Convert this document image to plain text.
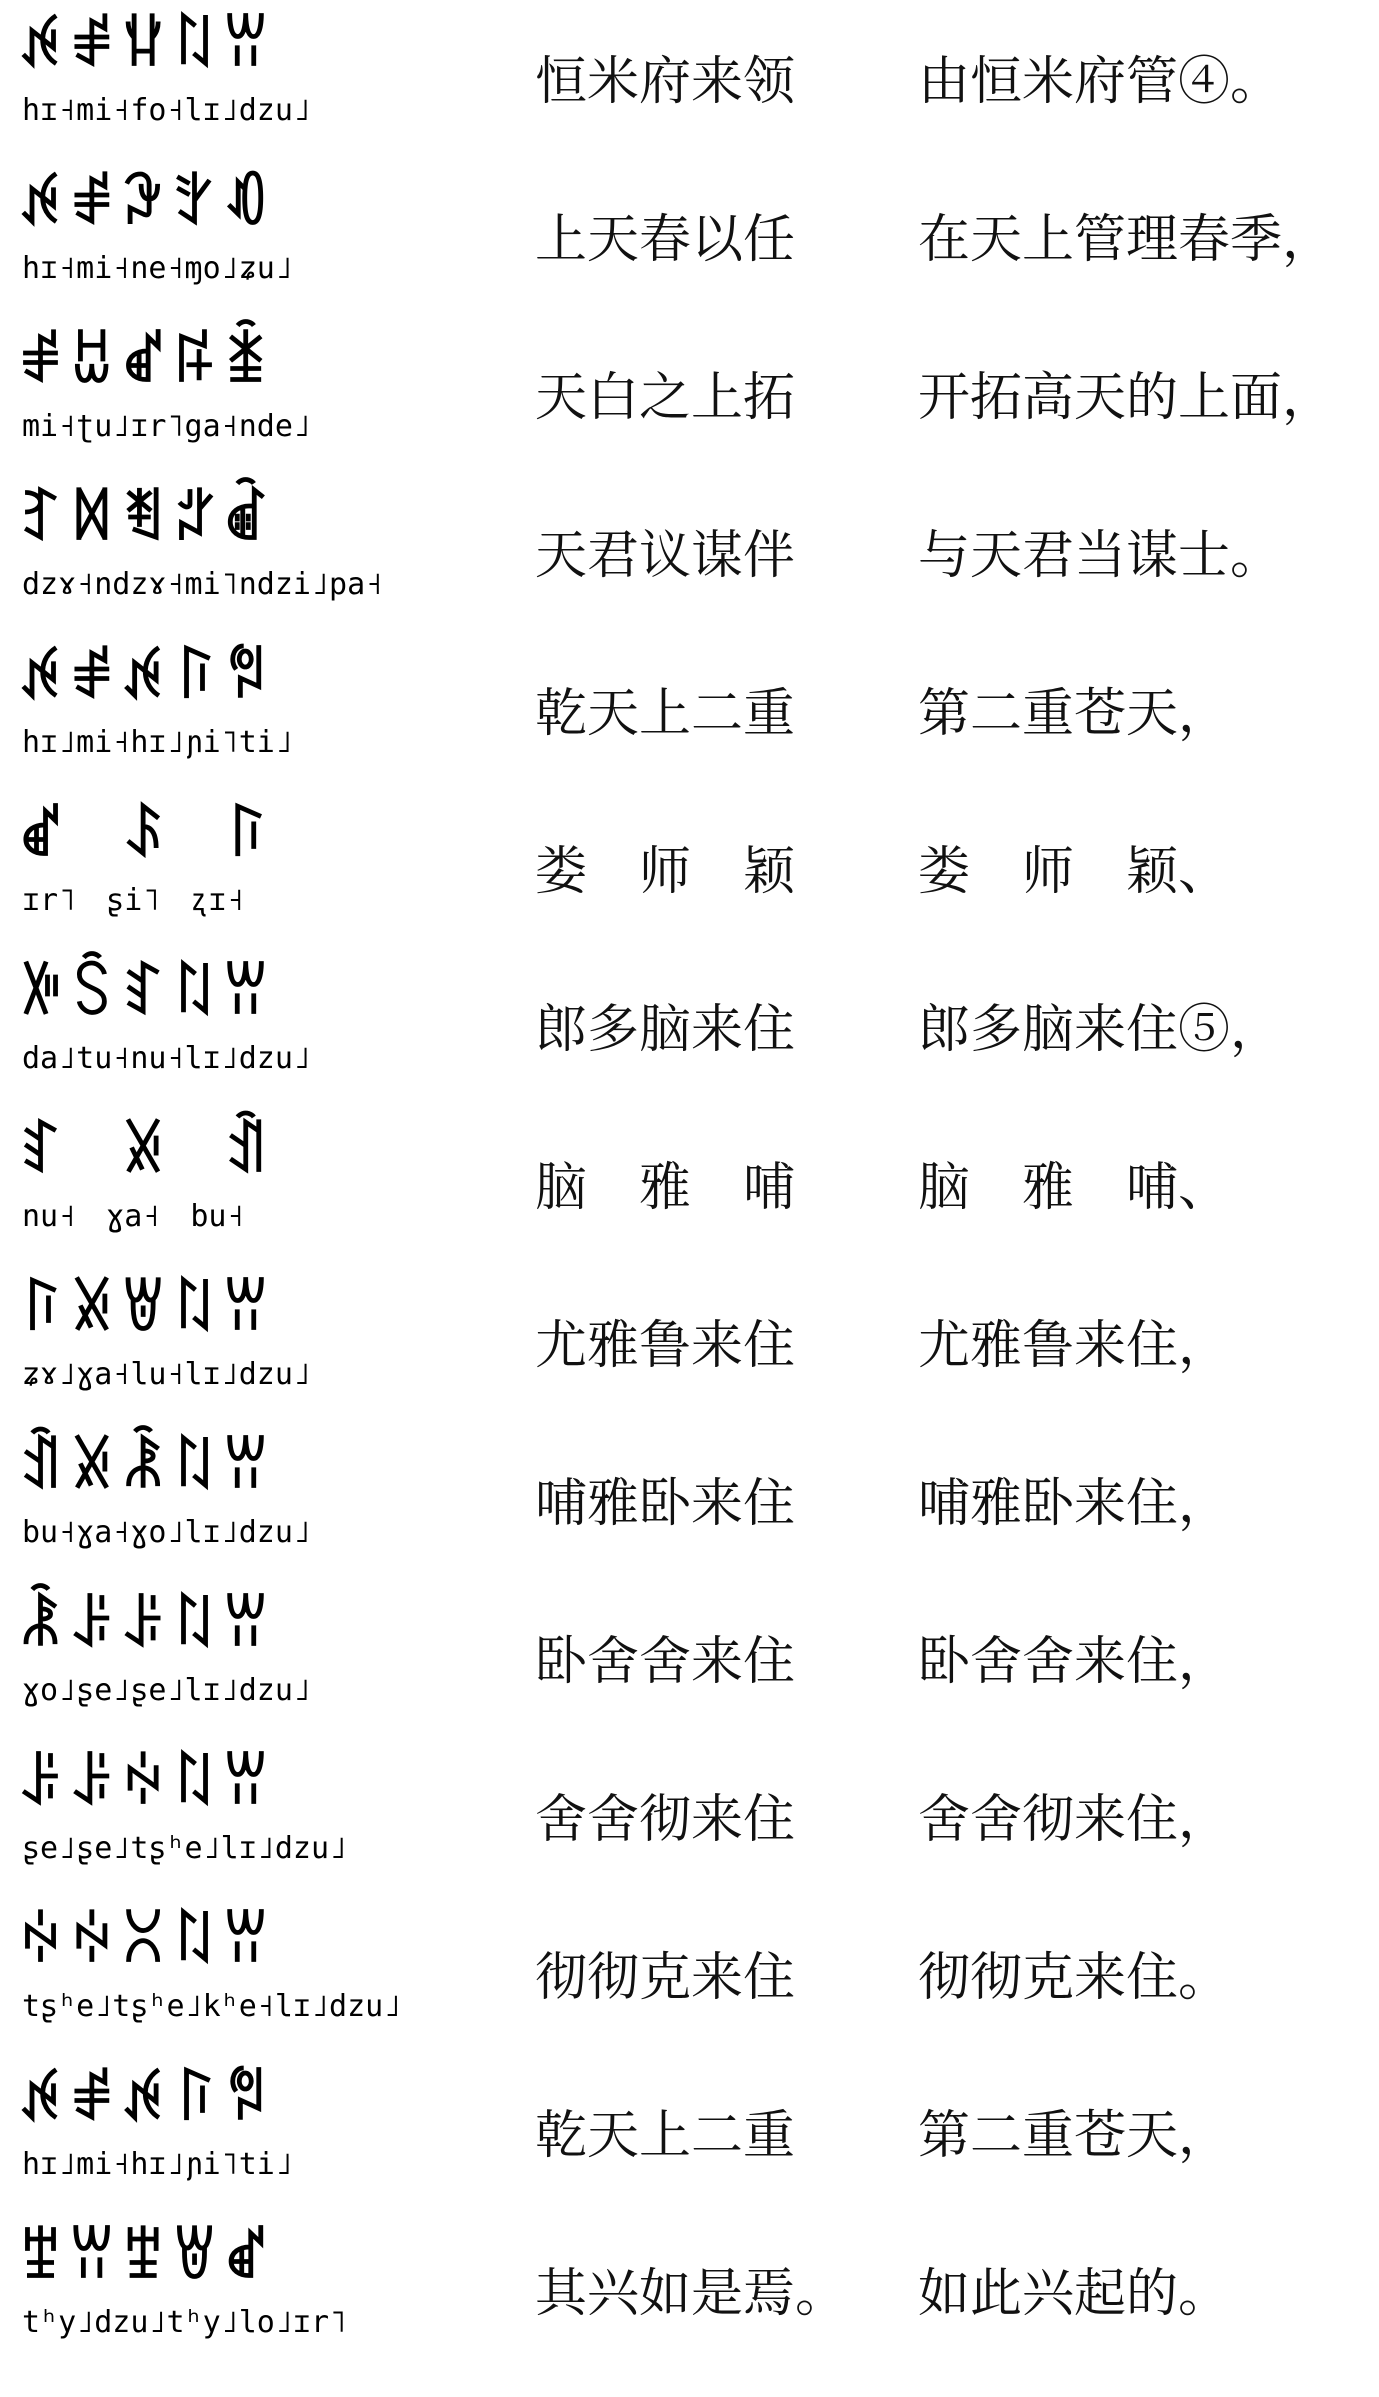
ꉌꂱꃚꇁꀕ
hɪ˧mi˧fo˧lɪ˩dzu˩	恒米府来领	由恒米府管④。
ꉌꂱꆡꇬꀒ
hɪ˧mi˧ne˧ɱo˩ʑu˩	上天春以任	在天上管理春季，
ꂱꀠꑱꌬꁦ
mi˧ʈu˩ɪr˥ga˧nde˩	天白之上拓	开拓高天的上面，
ꆈꉙꄮꂝꀶ
dzɤ˧ndzɤ˧mi˥ndzi˩pa˧	天君议谋伴	与天君当谋士。
ꉌꂱꉌꑍꅝ
hɪ˩mi˧hɪ˩ɲi˥ti˩	乾天上二重	第二重苍天，
ꑱ　ꌺ　ꑍ
ɪr˥　ʂi˥　ʐɪ˧	娄　师　颖	娄　师　颖、
ꀻꇘꆏꇁꀕ
da˩tu˧nu˧lɪ˩dzu˩	郎多脑来住	郎多脑来住⑤，
ꆏ　ꊉ　ꀉ
nu˧　ɣa˧　bu˧	脑　雅　哺	脑　雅　哺、
ꑍꊉꇐꇁꀕ
ʑɤ˩ɣa˧lu˧lɪ˩dzu˩	尤雅鲁来住	尤雅鲁来住，
ꀉꊉꂾꇁꀕ
bu˧ɣa˧ɣo˩lɪ˩dzu˩	哺雅卧来住	哺雅卧来住，
ꂾꌠꌠꇁꀕ
ɣo˩ʂe˩ʂe˩lɪ˩dzu˩	卧舍舍来住	卧舍舍来住，
ꌠꌠꏢꇁꀕ
ʂe˩ʂe˩tʂʰe˩lɪ˩dzu˩	舍舍彻来住	舍舍彻来住，
ꏢꏢꇤꇁꀕ
tʂʰe˩tʂʰe˩kʰe˧lɪ˩dzu˩	彻彻克来住	彻彻克来住。
ꉌꂱꉌꑍꅝ
hɪ˩mi˧hɪ˩ɲi˥ti˩	乾天上二重	第二重苍天，
ꄻꀕꄻꇐꑱ
tʰy˩dzu˩tʰy˩lo˩ɪr˥	其兴如是焉。	如此兴起的。
